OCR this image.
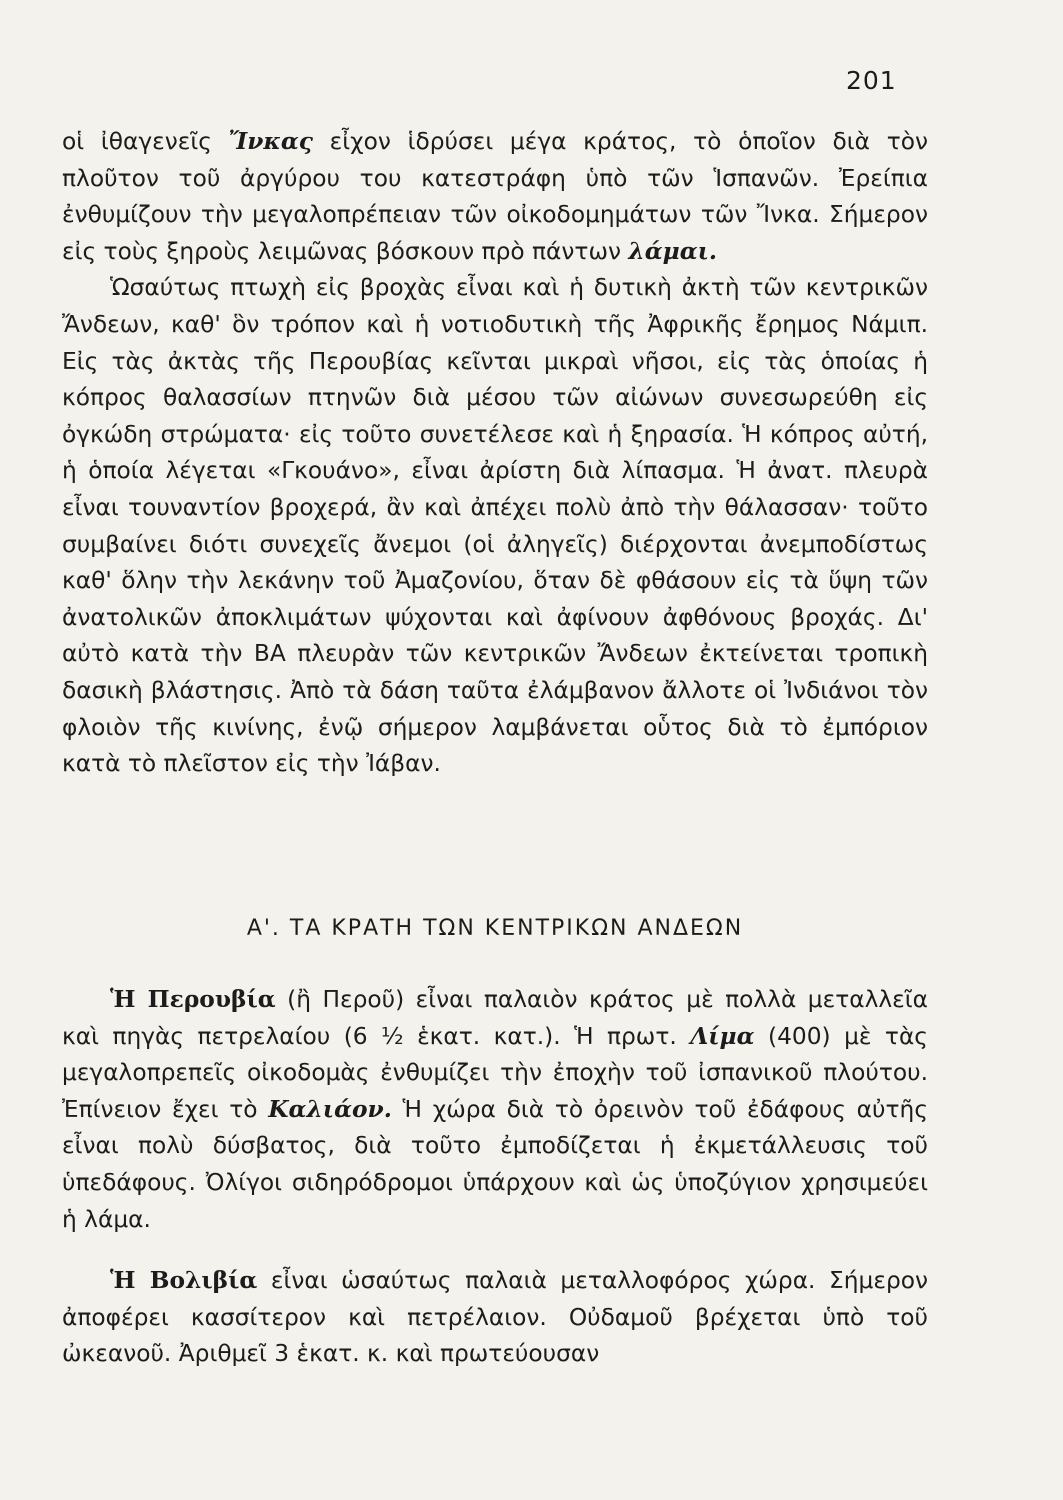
201

οἱ ἰθαγενεῖς Ἴνκας εἶχον ἱδρύσει μέγα κράτος, τὸ ὁποῖον διὰ τὸν πλοῦτον τοῦ ἀργύρου του κατεστράφη ὑπὸ τῶν Ἱσπανῶν. Ἐρείπια ἐνθυμίζουν τὴν μεγαλοπρέπειαν τῶν οἰκοδομημάτων τῶν Ἴνκα. Σήμερον εἰς τοὺς ξηροὺς λειμῶνας βόσκουν πρὸ πάντων λάμαι.

Ὡσαύτως πτωχὴ εἰς βροχὰς εἶναι καὶ ἡ δυτικὴ ἀκτὴ τῶν κεντρικῶν Ἄνδεων, καθ' ὃν τρόπον καὶ ἡ νοτιοδυτικὴ τῆς Ἀφρικῆς ἔρημος Νάμιπ. Εἰς τὰς ἀκτὰς τῆς Περουβίας κεῖνται μικραὶ νῆσοι, εἰς τὰς ὁποίας ἡ κόπρος θαλασσίων πτηνῶν διὰ μέσου τῶν αἰώνων συνεσωρεύθη εἰς ὀγκώδη στρώματα· εἰς τοῦτο συνετέλεσε καὶ ἡ ξηρασία. Ἡ κόπρος αὐτή, ἡ ὁποία λέγεται «Γκουάνο», εἶναι ἀρίστη διὰ λίπασμα. Ἡ ἀνατ. πλευρὰ εἶναι τουναντίον βροχερά, ἂν καὶ ἀπέχει πολὺ ἀπὸ τὴν θάλασσαν· τοῦτο συμβαίνει διότι συνεχεῖς ἄνεμοι (οἱ ἀληγεῖς) διέρχονται ἀνεμποδίστως καθ' ὅλην τὴν λεκάνην τοῦ Ἀμαζονίου, ὅταν δὲ φθάσουν εἰς τὰ ὕψη τῶν ἀνατολικῶν ἀποκλιμάτων ψύχονται καὶ ἀφίνουν ἀφθόνους βροχάς. Δι' αὐτὸ κατὰ τὴν ΒΑ πλευρὰν τῶν κεντρικῶν Ἄνδεων ἐκτείνεται τροπικὴ δασικὴ βλάστησις. Ἀπὸ τὰ δάση ταῦτα ἐλάμβανον ἄλλοτε οἱ Ἰνδιάνοι τὸν φλοιὸν τῆς κινίνης, ἐνῷ σήμερον λαμβάνεται οὗτος διὰ τὸ ἐμπόριον κατὰ τὸ πλεῖστον εἰς τὴν Ἰάβαν.

Α'. ΤΑ ΚΡΑΤΗ ΤΩΝ ΚΕΝΤΡΙΚΩΝ ΑΝΔΕΩΝ

Ἡ Περουβία (ἢ Περοῦ) εἶναι παλαιὸν κράτος μὲ πολλὰ μεταλλεῖα καὶ πηγὰς πετρελαίου (6 ½ ἑκατ. κατ.). Ἡ πρωτ. Λίμα (400) μὲ τὰς μεγαλοπρεπεῖς οἰκοδομὰς ἐνθυμίζει τὴν ἐποχὴν τοῦ ἰσπανικοῦ πλούτου. Ἐπίνειον ἔχει τὸ Καλιάον. Ἡ χώρα διὰ τὸ ὀρεινὸν τοῦ ἐδάφους αὐτῆς εἶναι πολὺ δύσβατος, διὰ τοῦτο ἐμποδίζεται ἡ ἐκμετάλλευσις τοῦ ὑπεδάφους. Ὀλίγοι σιδηρόδρομοι ὑπάρχουν καὶ ὡς ὑποζύγιον χρησιμεύει ἡ λάμα.

Ἡ Βολιβία εἶναι ὡσαύτως παλαιὰ μεταλλοφόρος χώρα. Σήμερον ἀποφέρει κασσίτερον καὶ πετρέλαιον. Οὐδαμοῦ βρέχεται ὑπὸ τοῦ ὠκεανοῦ. Ἀριθμεῖ 3 ἑκατ. κ. καὶ πρωτεύουσαν
